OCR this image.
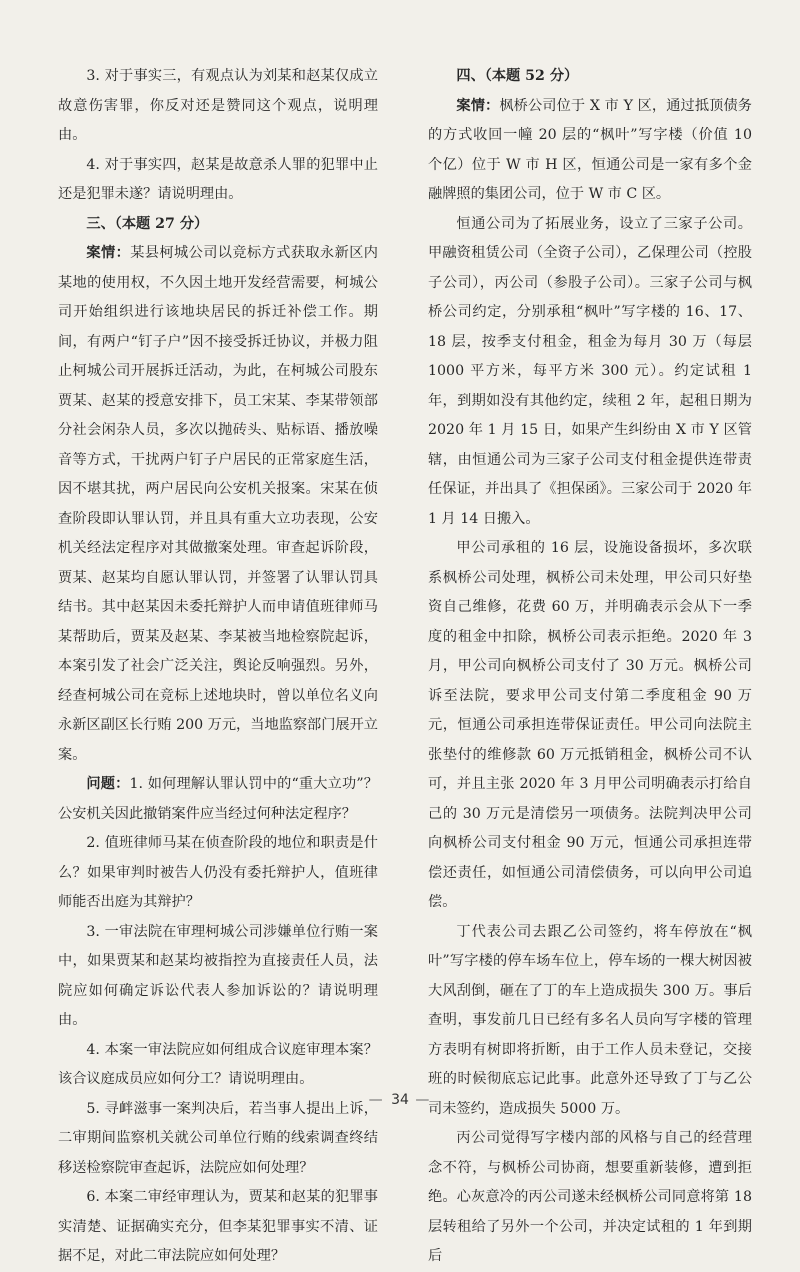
3. 对于事实三，有观点认为刘某和赵某仅成立故意伤害罪，你反对还是赞同这个观点，说明理由。

4. 对于事实四，赵某是故意杀人罪的犯罪中止还是犯罪未遂？请说明理由。

三、（本题 27 分）

案情：某县柯城公司以竞标方式获取永新区内某地的使用权，不久因土地开发经营需要，柯城公司开始组织进行该地块居民的拆迁补偿工作。期间，有两户“钉子户”因不接受拆迁协议，并极力阻止柯城公司开展拆迁活动，为此，在柯城公司股东贾某、赵某的授意安排下，员工宋某、李某带领部分社会闲杂人员，多次以抛砖头、贴标语、播放噪音等方式，干扰两户钉子户居民的正常家庭生活，因不堪其扰，两户居民向公安机关报案。宋某在侦查阶段即认罪认罚，并且具有重大立功表现，公安机关经法定程序对其做撤案处理。审查起诉阶段，贾某、赵某均自愿认罪认罚，并签署了认罪认罚具结书。其中赵某因未委托辩护人而申请值班律师马某帮助后，贾某及赵某、李某被当地检察院起诉，本案引发了社会广泛关注，舆论反响强烈。另外，经查柯城公司在竞标上述地块时，曾以单位名义向永新区副区长行贿 200 万元，当地监察部门展开立案。

问题：1. 如何理解认罪认罚中的“重大立功”？公安机关因此撤销案件应当经过何种法定程序？

2. 值班律师马某在侦查阶段的地位和职责是什么？如果审判时被告人仍没有委托辩护人，值班律师能否出庭为其辩护？

3. 一审法院在审理柯城公司涉嫌单位行贿一案中，如果贾某和赵某均被指控为直接责任人员，法院应如何确定诉讼代表人参加诉讼的？请说明理由。

4. 本案一审法院应如何组成合议庭审理本案？该合议庭成员应如何分工？请说明理由。

5. 寻衅滋事一案判决后，若当事人提出上诉，二审期间监察机关就公司单位行贿的线索调查终结移送检察院审查起诉，法院应如何处理？

6. 本案二审经审理认为，贾某和赵某的犯罪事实清楚、证据确实充分，但李某犯罪事实不清、证据不足，对此二审法院应如何处理？

四、（本题 52 分）

案情：枫桥公司位于 X 市 Y 区，通过抵顶债务的方式收回一幢 20 层的“枫叶”写字楼（价值 10 个亿）位于 W 市 H 区，恒通公司是一家有多个金融牌照的集团公司，位于 W 市 C 区。

恒通公司为了拓展业务，设立了三家子公司。甲融资租赁公司（全资子公司），乙保理公司（控股子公司），丙公司（参股子公司）。三家子公司与枫桥公司约定，分别承租“枫叶”写字楼的 16、17、18 层，按季支付租金，租金为每月 30 万（每层 1000 平方米，每平方米 300 元）。约定试租 1 年，到期如没有其他约定，续租 2 年，起租日期为 2020 年 1 月 15 日，如果产生纠纷由 X 市 Y 区管辖，由恒通公司为三家子公司支付租金提供连带责任保证，并出具了《担保函》。三家公司于 2020 年 1 月 14 日搬入。

甲公司承租的 16 层，设施设备损坏，多次联系枫桥公司处理，枫桥公司未处理，甲公司只好垫资自己维修，花费 60 万，并明确表示会从下一季度的租金中扣除，枫桥公司表示拒绝。2020 年 3 月，甲公司向枫桥公司支付了 30 万元。枫桥公司诉至法院，要求甲公司支付第二季度租金 90 万元，恒通公司承担连带保证责任。甲公司向法院主张垫付的维修款 60 万元抵销租金，枫桥公司不认可，并且主张 2020 年 3 月甲公司明确表示打给自己的 30 万元是清偿另一项债务。法院判决甲公司向枫桥公司支付租金 90 万元，恒通公司承担连带偿还责任，如恒通公司清偿债务，可以向甲公司追偿。

丁代表公司去跟乙公司签约，将车停放在“枫叶”写字楼的停车场车位上，停车场的一棵大树因被大风刮倒，砸在了丁的车上造成损失 300 万。事后查明，事发前几日已经有多名人员向写字楼的管理方表明有树即将折断，由于工作人员未登记，交接班的时候彻底忘记此事。此意外还导致了丁与乙公司未签约，造成损失 5000 万。

丙公司觉得写字楼内部的风格与自己的经营理念不符，与枫桥公司协商，想要重新装修，遭到拒绝。心灰意冷的丙公司遂未经枫桥公司同意将第 18 层转租给了另外一个公司，并决定试租的 1 年到期后

— 34 —
